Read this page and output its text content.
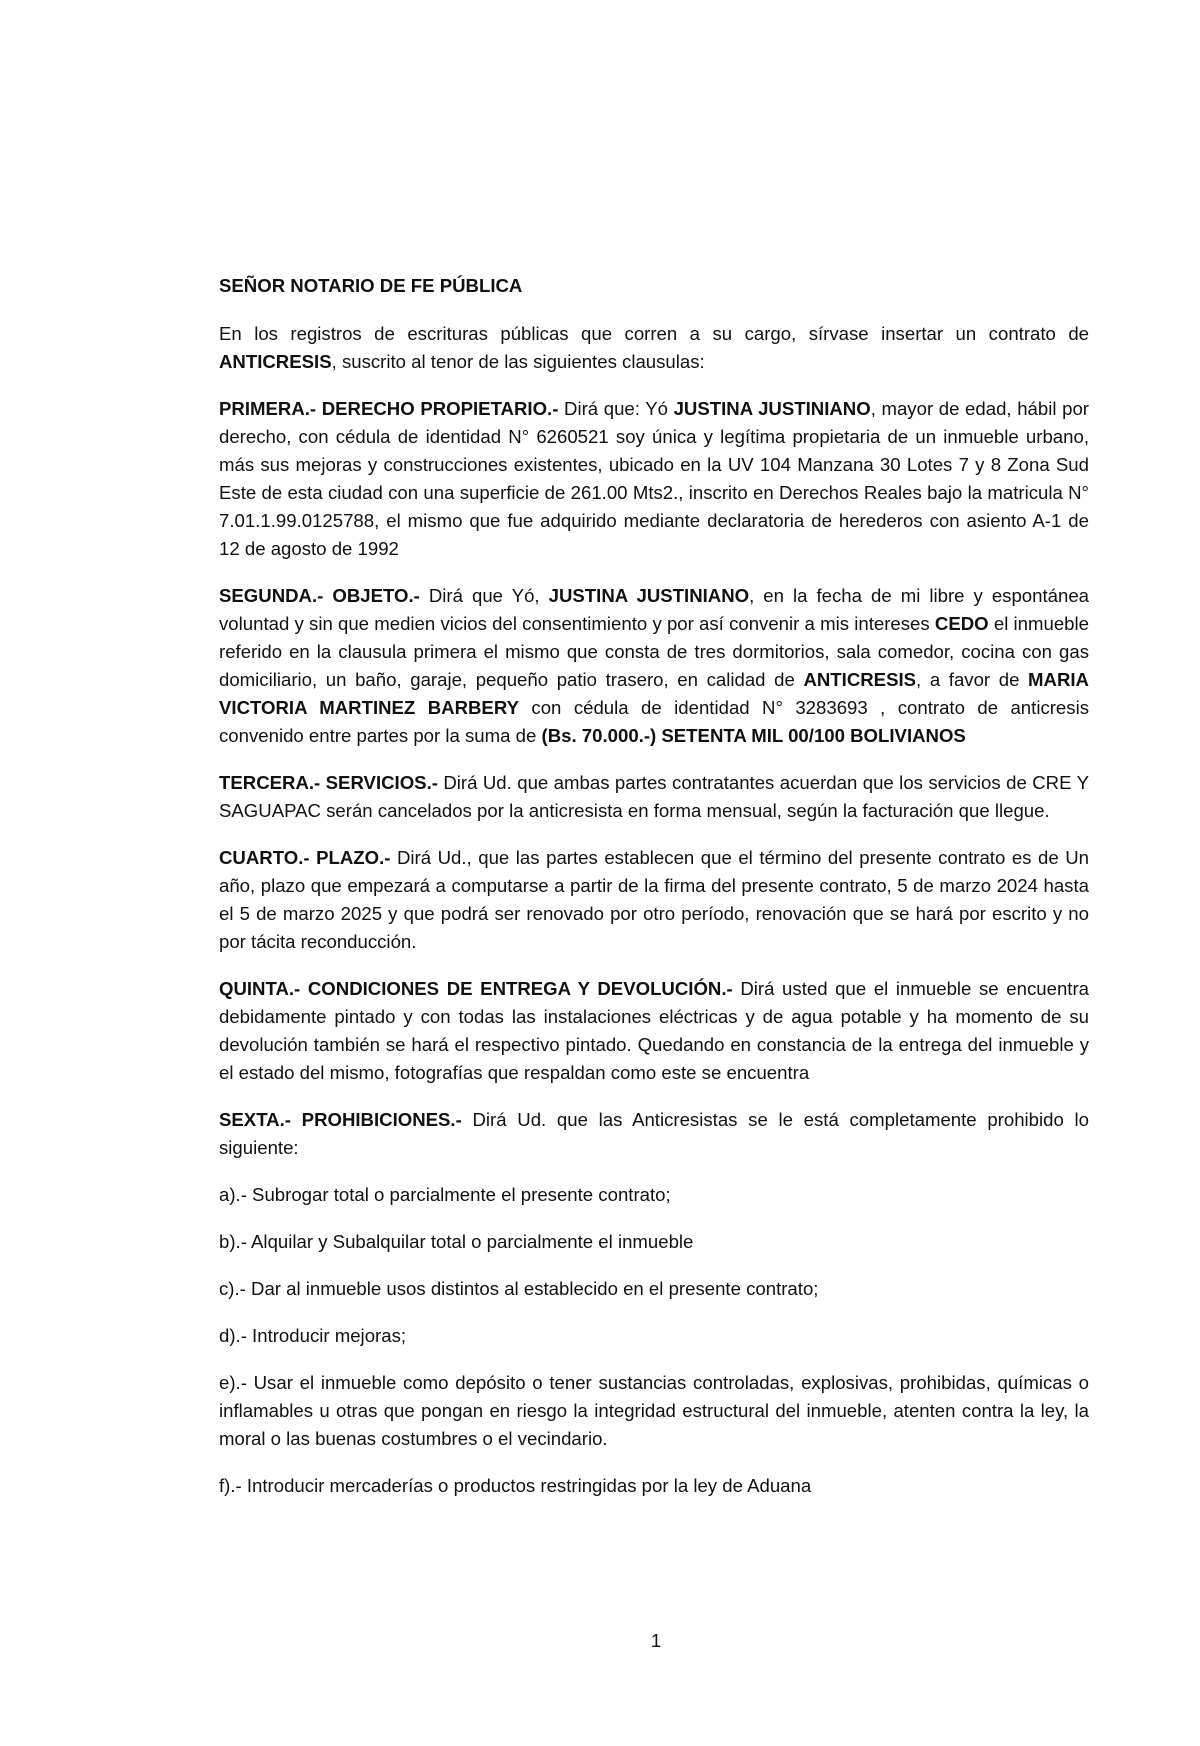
SEÑOR NOTARIO DE FE PÚBLICA

En los registros de escrituras públicas que corren a su cargo, sírvase insertar un contrato de ANTICRESIS, suscrito al tenor de las siguientes clausulas:

PRIMERA.- DERECHO PROPIETARIO.- Dirá que: Yó JUSTINA JUSTINIANO, mayor de edad, hábil por derecho, con cédula de identidad N° 6260521 soy única y legítima propietaria de un inmueble urbano, más sus mejoras y construcciones existentes, ubicado en la UV 104 Manzana 30 Lotes 7 y 8 Zona Sud Este de esta ciudad con una superficie de 261.00 Mts2., inscrito en Derechos Reales bajo la matricula N° 7.01.1.99.0125788, el mismo que fue adquirido mediante declaratoria de herederos con asiento A-1 de 12 de agosto de 1992

SEGUNDA.- OBJETO.- Dirá que Yó, JUSTINA JUSTINIANO, en la fecha de mi libre y espontánea voluntad y sin que medien vicios del consentimiento y por así convenir a mis intereses CEDO el inmueble referido en la clausula primera el mismo que consta de tres dormitorios, sala comedor, cocina con gas domiciliario, un baño, garaje, pequeño patio trasero, en calidad de ANTICRESIS, a favor de MARIA VICTORIA MARTINEZ BARBERY con cédula de identidad N° 3283693 , contrato de anticresis convenido entre partes por la suma de (Bs. 70.000.-) SETENTA MIL 00/100 BOLIVIANOS

TERCERA.- SERVICIOS.- Dirá Ud. que ambas partes contratantes acuerdan que los servicios de CRE Y SAGUAPAC serán cancelados por la anticresista en forma mensual, según la facturación que llegue.

CUARTO.- PLAZO.- Dirá Ud., que las partes establecen que el término del presente contrato es de Un año, plazo que empezará a computarse a partir de la firma del presente contrato, 5 de marzo 2024 hasta el 5 de marzo 2025 y que podrá ser renovado por otro período, renovación que se hará por escrito y no por tácita reconducción.

QUINTA.- CONDICIONES DE ENTREGA Y DEVOLUCIÓN.- Dirá usted que el inmueble se encuentra debidamente pintado y con todas las instalaciones eléctricas y de agua potable y ha momento de su devolución también se hará el respectivo pintado. Quedando en constancia de la entrega del inmueble y el estado del mismo, fotografías que respaldan como este se encuentra

SEXTA.- PROHIBICIONES.- Dirá Ud. que las Anticresistas se le está completamente prohibido lo siguiente:

a).- Subrogar total o parcialmente el presente contrato;

b).- Alquilar y Subalquilar total o parcialmente el inmueble

c).- Dar al inmueble usos distintos al establecido en el presente contrato;

d).- Introducir mejoras;

e).- Usar el inmueble como depósito o tener sustancias controladas, explosivas, prohibidas, químicas o inflamables u otras que pongan en riesgo la integridad estructural del inmueble, atenten contra la ley, la moral o las buenas costumbres o el vecindario.

f).- Introducir mercaderías o productos restringidas por la ley de Aduana

1
